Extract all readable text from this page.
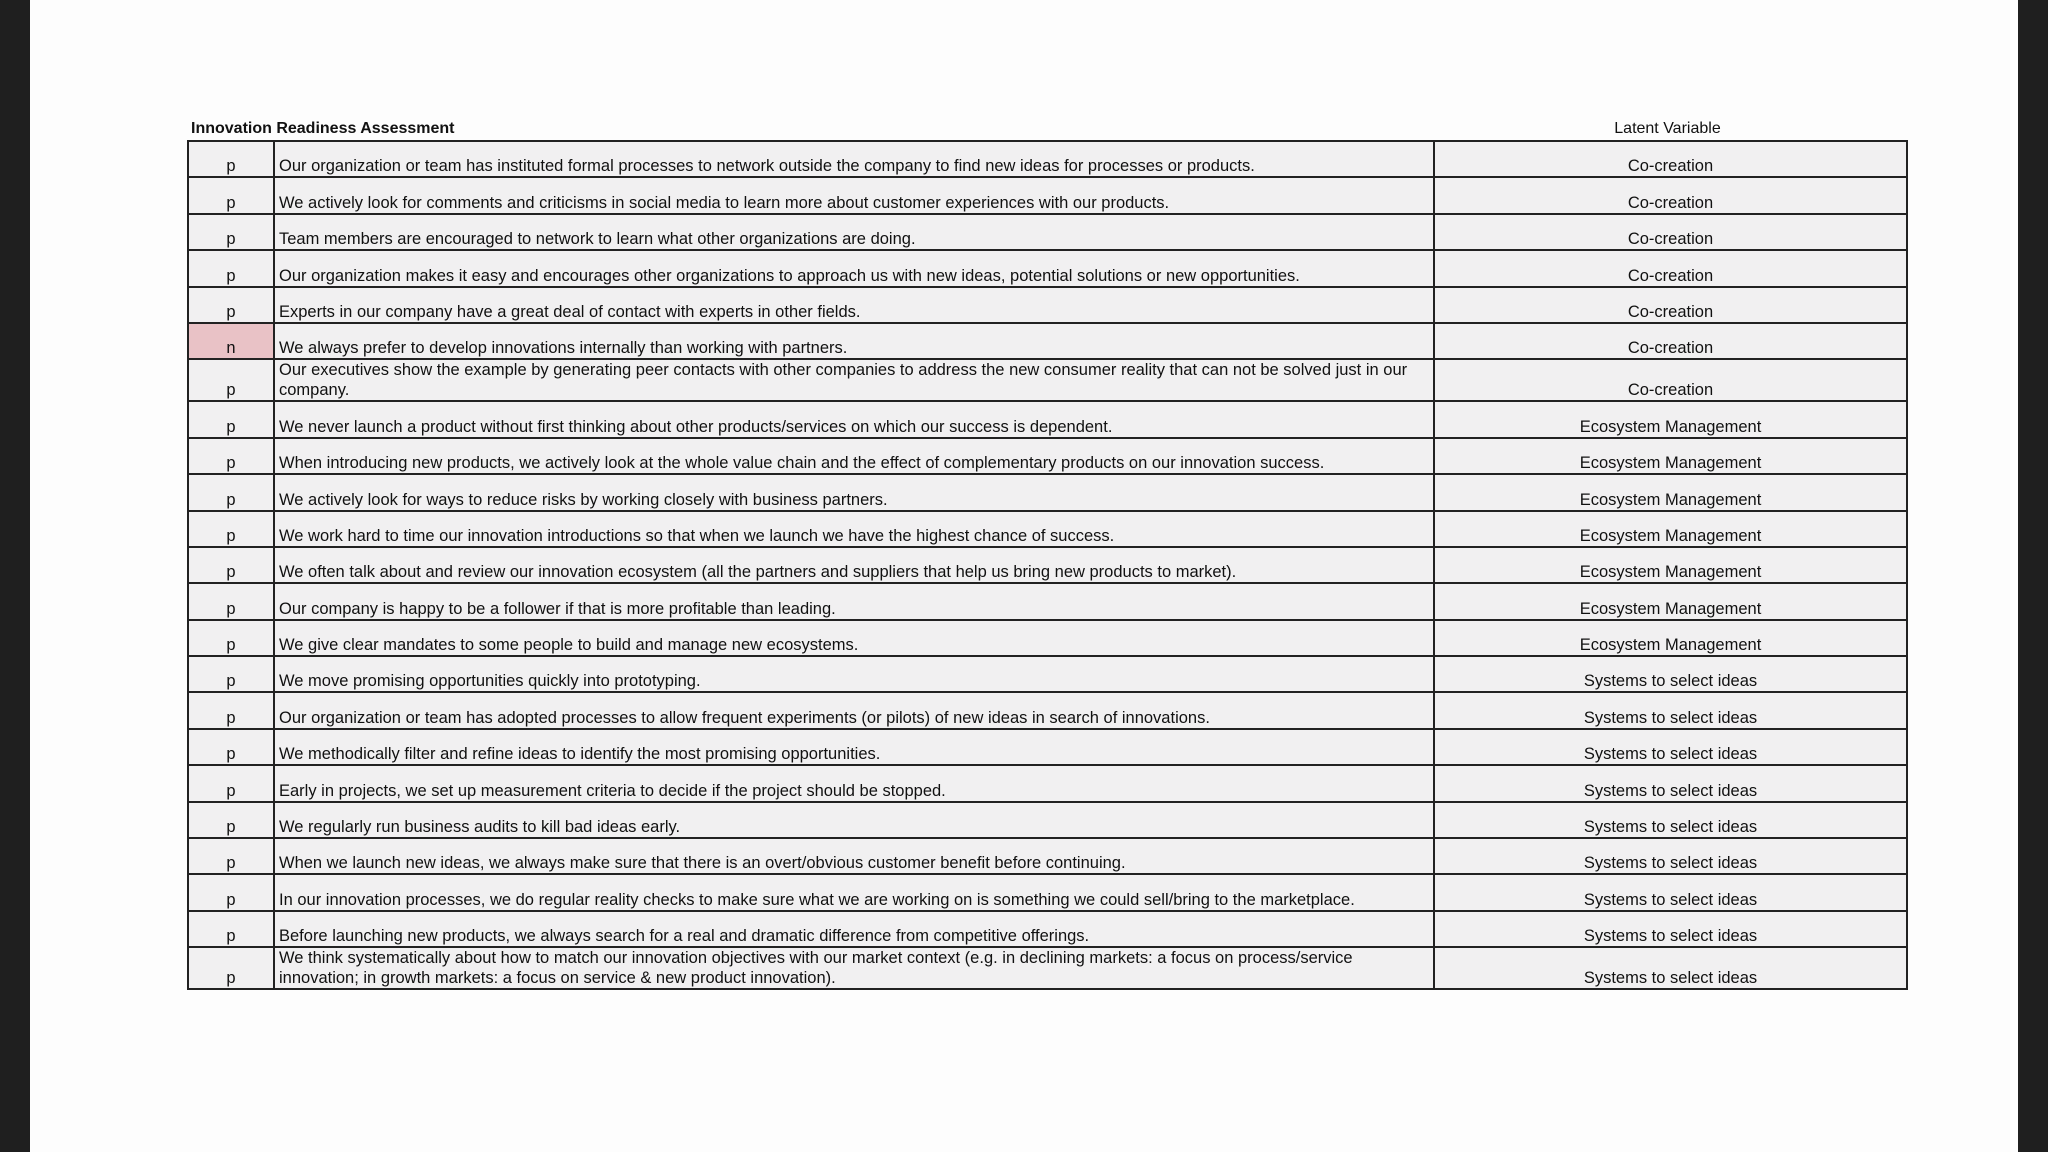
Innovation Readiness Assessment	Latent Variable
p	Our organization or team has instituted formal processes to network outside the company to find new ideas for processes or products.	Co-creation
p	We actively look for comments and criticisms in social media to learn more about customer experiences with our products.	Co-creation
p	Team members are encouraged to network to learn what other organizations are doing.	Co-creation
p	Our organization makes it easy and encourages other organizations to approach us with new ideas, potential solutions or new opportunities.	Co-creation
p	Experts in our company have a great deal of contact with experts in other fields.	Co-creation
n	We always prefer to develop innovations internally than working with partners.	Co-creation
p	Our executives show the example by generating peer contacts with other companies to address the new consumer reality that can not be solved just in our company.	Co-creation
p	We never launch a product without first thinking about other products/services on which our success is dependent.	Ecosystem Management
p	When introducing new products, we actively look at the whole value chain and the effect of complementary products on our innovation success.	Ecosystem Management
p	We actively look for ways to reduce risks by working closely with business partners.	Ecosystem Management
p	We work hard to time our innovation introductions so that when we launch we have the highest chance of success.	Ecosystem Management
p	We often talk about and review our innovation ecosystem (all the partners and suppliers that help us bring new products to market).	Ecosystem Management
p	Our company is happy to be a follower if that is more profitable than leading.	Ecosystem Management
p	We give clear mandates to some people to build and manage new ecosystems.	Ecosystem Management
p	We move promising opportunities quickly into prototyping.	Systems to select ideas
p	Our organization or team has adopted processes to allow frequent experiments (or pilots) of new ideas in search of innovations.	Systems to select ideas
p	We methodically filter and refine ideas to identify the most promising opportunities.	Systems to select ideas
p	Early in projects, we set up measurement criteria to decide if the project should be stopped.	Systems to select ideas
p	We regularly run business audits to kill bad ideas early.	Systems to select ideas
p	When we launch new ideas, we always make sure that there is an overt/obvious customer benefit before continuing.	Systems to select ideas
p	In our innovation processes, we do regular reality checks to make sure what we are working on is something we could sell/bring to the marketplace.	Systems to select ideas
p	Before launching new products, we always search for a real and dramatic difference from competitive offerings.	Systems to select ideas
p	We think systematically about how to match our innovation objectives with our market context (e.g. in declining markets: a focus on process/service innovation; in growth markets: a focus on service & new product innovation).	Systems to select ideas
